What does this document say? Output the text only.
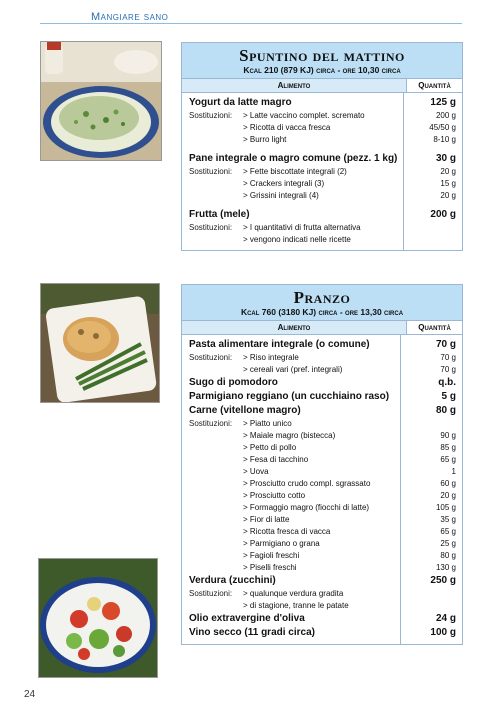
Mangiare sano
Spuntino del mattino
Kcal 210 (879 KJ) circa - ore 10,30 circa
Alimento	Quantità
Yogurt da latte magro
Sostituzioni: > Latte vaccino complet. scremato
> Ricotta di vacca fresca
> Burro light
Pane integrale o magro comune (pezz. 1 kg)
Sostituzioni: > Fette biscottate integrali (2)
> Crackers integrali (3)
> Grissini integrali (4)
Frutta (mele)
Sostituzioni: > I quantitativi di frutta alternativa
> vengono indicati nelle ricette
125 g
200 g
45/50 g
8-10 g
30 g
20 g
15 g
20 g
200 g
Pranzo
Kcal 760 (3180 KJ) circa - ore 13,30 circa
Alimento	Quantità
Pasta alimentare integrale (o comune)
Sostituzioni: > Riso integrale
> cereali vari (pref. integrali)
Sugo di pomodoro
Parmigiano reggiano (un cucchiaino raso)
Carne (vitellone magro)
Sostituzioni: > Piatto unico
> Maiale magro (bistecca)
> Petto di pollo
> Fesa di tacchino
> Uova
> Prosciutto crudo compl. sgrassato
> Prosciutto cotto
> Formaggio magro (fiocchi di latte)
> Fior di latte
> Ricotta fresca di vacca
> Parmigiano o grana
> Fagioli freschi
> Piselli freschi
Verdura (zucchini)
Sostituzioni: > qualunque verdura gradita
> di stagione, tranne le patate
Olio extravergine d'oliva
Vino secco (11 gradi circa)
70 g
70 g
70 g
q.b.
5 g
80 g
90 g
85 g
65 g
1
60 g
20 g
105 g
35 g
65 g
25 g
80 g
130 g
250 g
24 g
100 g
24
